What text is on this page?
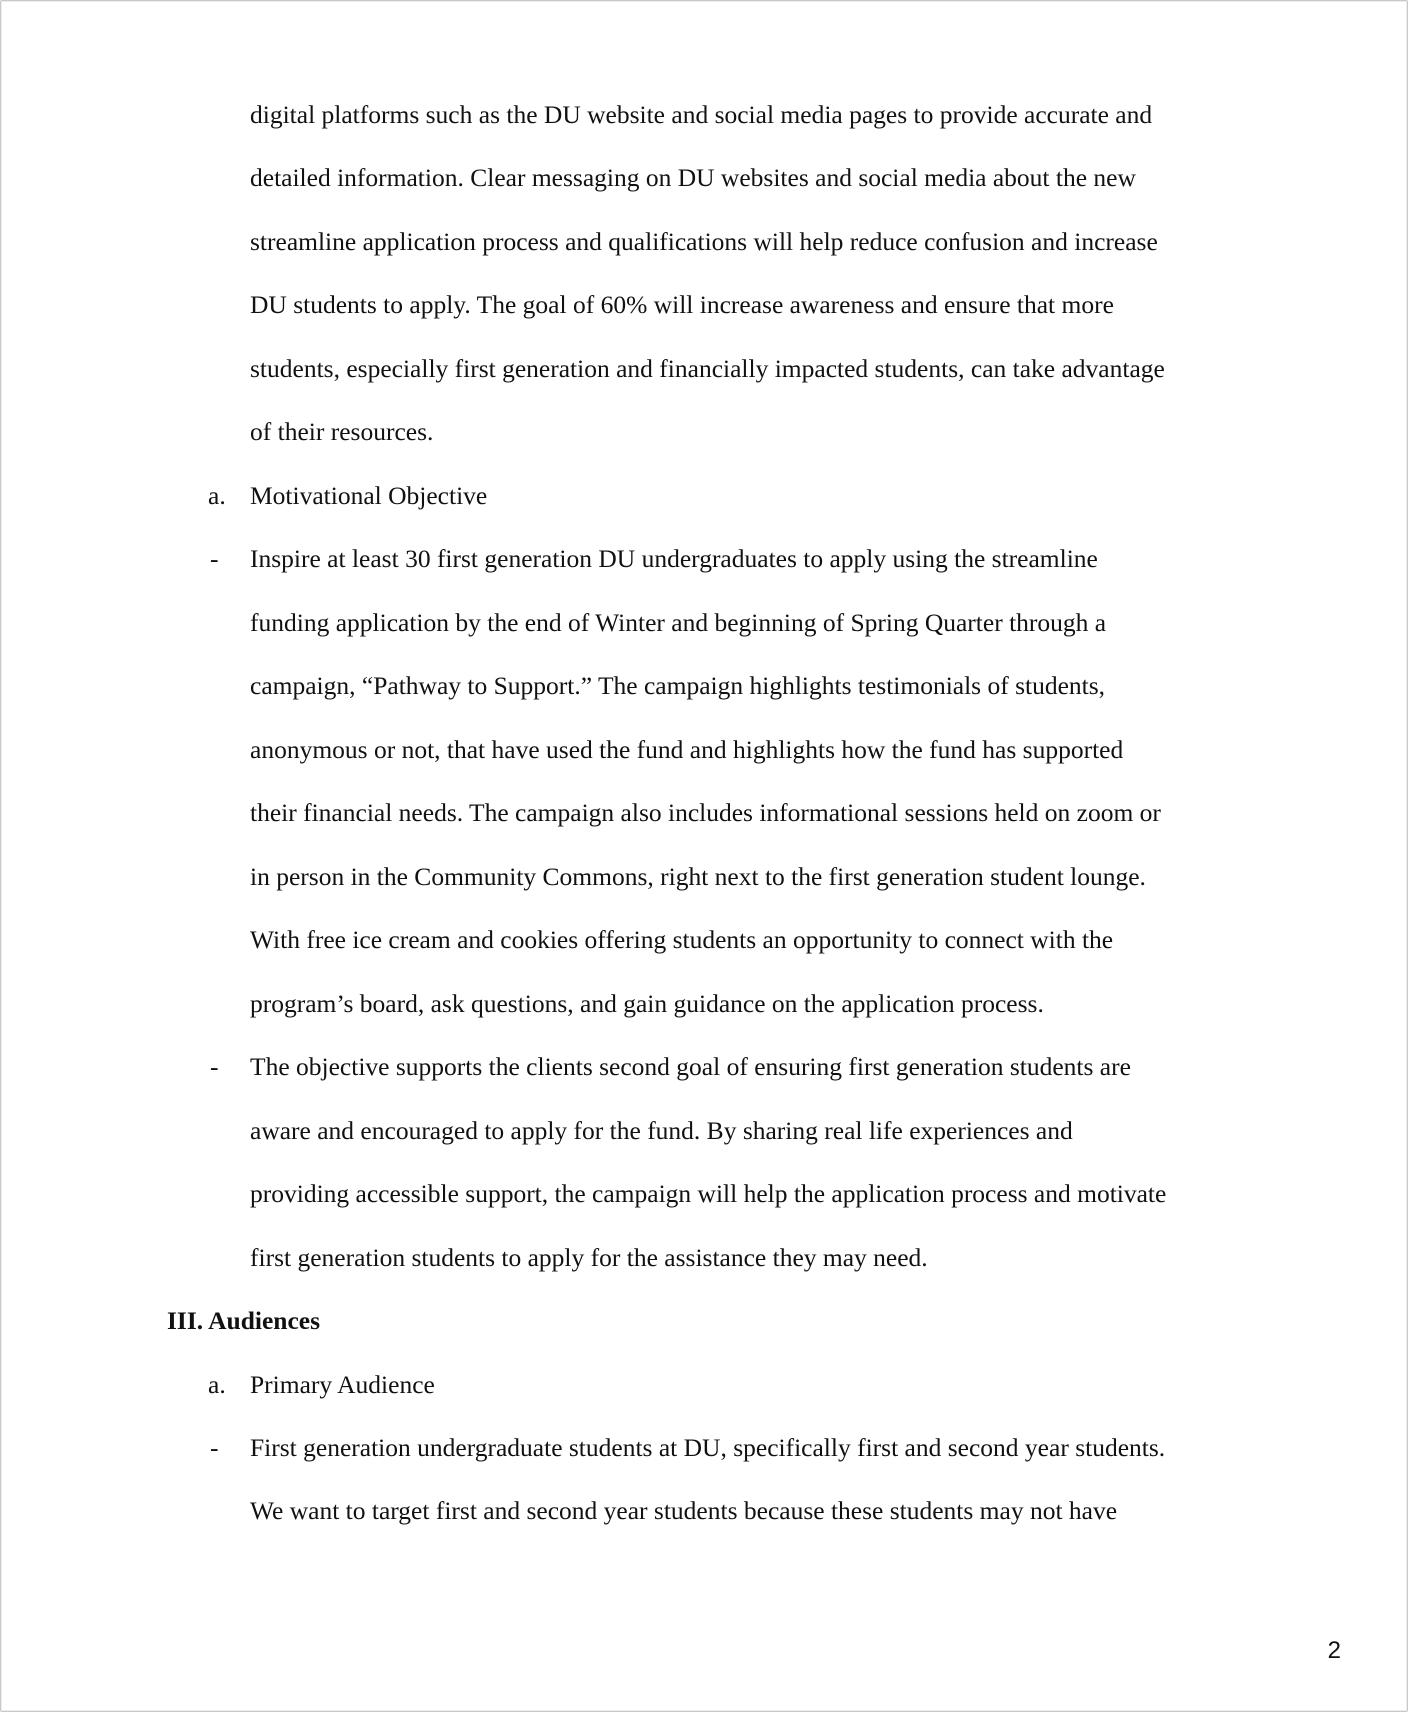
digital platforms such as the DU website and social media pages to provide accurate and
detailed information. Clear messaging on DU websites and social media about the new
streamline application process and qualifications will help reduce confusion and increase
DU students to apply. The goal of 60% will increase awareness and ensure that more
students, especially first generation and financially impacted students, can take advantage
of their resources.
a. Motivational Objective
- Inspire at least 30 first generation DU undergraduates to apply using the streamline
funding application by the end of Winter and beginning of Spring Quarter through a
campaign, “Pathway to Support.” The campaign highlights testimonials of students,
anonymous or not, that have used the fund and highlights how the fund has supported
their financial needs. The campaign also includes informational sessions held on zoom or
in person in the Community Commons, right next to the first generation student lounge.
With free ice cream and cookies offering students an opportunity to connect with the
program’s board, ask questions, and gain guidance on the application process.
- The objective supports the clients second goal of ensuring first generation students are
aware and encouraged to apply for the fund. By sharing real life experiences and
providing accessible support, the campaign will help the application process and motivate
first generation students to apply for the assistance they may need.
III. Audiences
a. Primary Audience
- First generation undergraduate students at DU, specifically first and second year students.
We want to target first and second year students because these students may not have
2
